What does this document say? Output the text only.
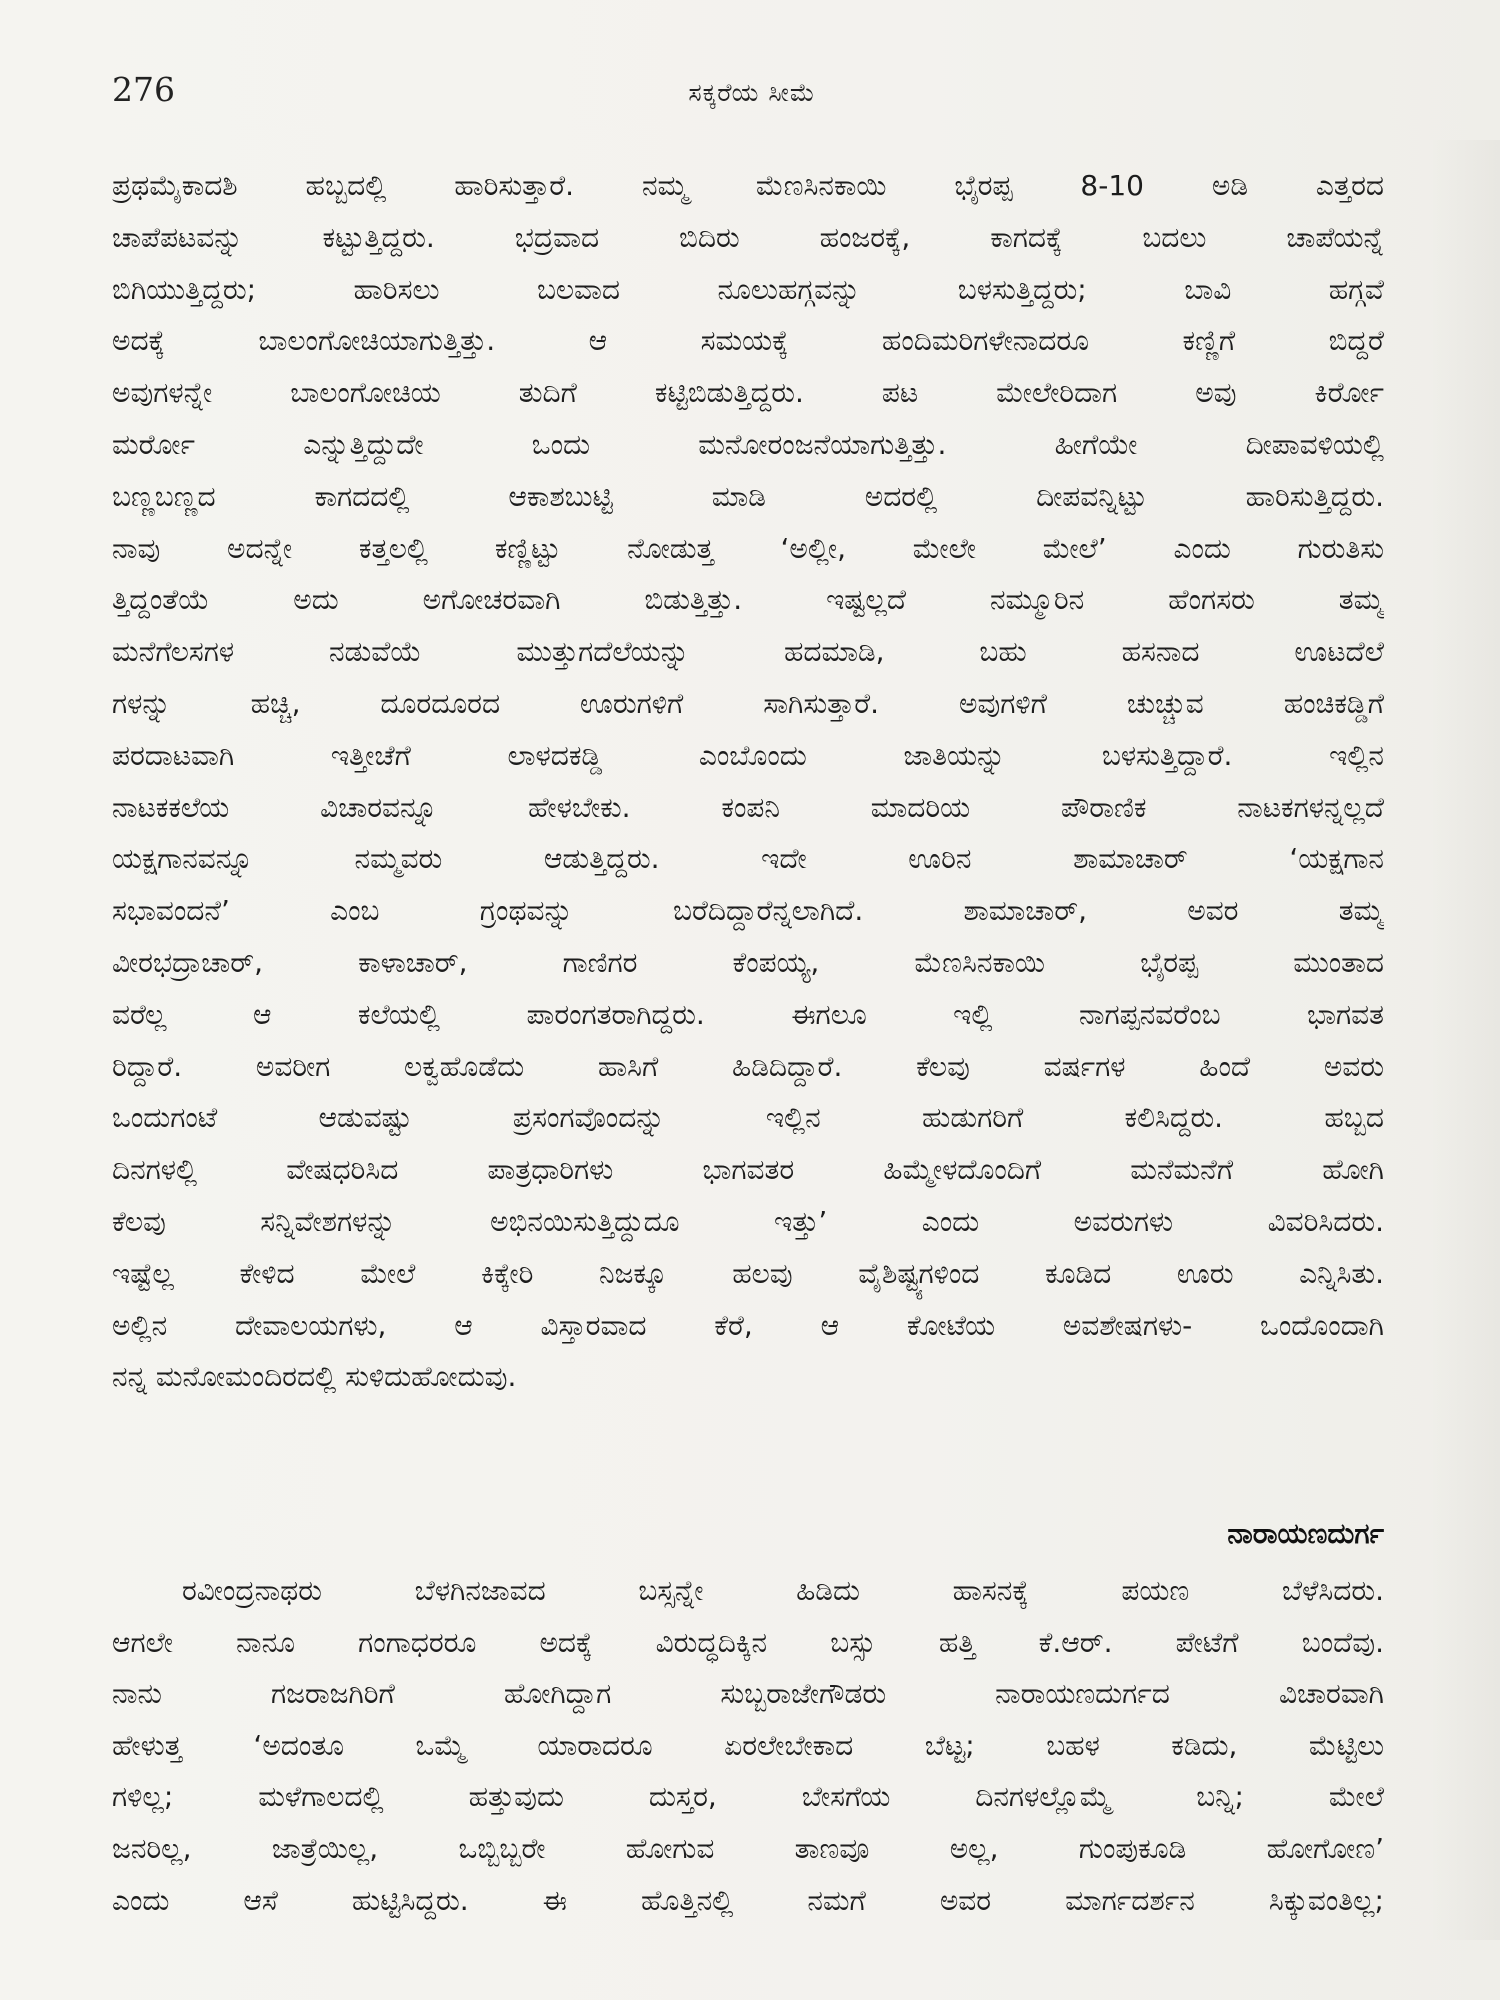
276	ಸಕ್ಕರೆಯ ಸೀಮೆ
ಪ್ರಥಮೈಕಾದಶಿ ಹಬ್ಬದಲ್ಲಿ ಹಾರಿಸುತ್ತಾರೆ. ನಮ್ಮ ಮೆಣಸಿನಕಾಯಿ ಭೈರಪ್ಪ 8-10 ಅಡಿ ಎತ್ತರದ
ಚಾಪೆಪಟವನ್ನು ಕಟ್ಟುತ್ತಿದ್ದರು. ಭದ್ರವಾದ ಬಿದಿರು ಹಂಜರಕ್ಕೆ, ಕಾಗದಕ್ಕೆ ಬದಲು ಚಾಪೆಯನ್ನೆ
ಬಿಗಿಯುತ್ತಿದ್ದರು; ಹಾರಿಸಲು ಬಲವಾದ ನೂಲುಹಗ್ಗವನ್ನು ಬಳಸುತ್ತಿದ್ದರು; ಬಾವಿ ಹಗ್ಗವೆ
ಅದಕ್ಕೆ ಬಾಲಂಗೋಚಿಯಾಗುತ್ತಿತ್ತು. ಆ ಸಮಯಕ್ಕೆ ಹಂದಿಮರಿಗಳೇನಾದರೂ ಕಣ್ಣಿಗೆ ಬಿದ್ದರೆ
ಅವುಗಳನ್ನೇ ಬಾಲಂಗೋಚಿಯ ತುದಿಗೆ ಕಟ್ಟಿಬಿಡುತ್ತಿದ್ದರು. ಪಟ ಮೇಲೇರಿದಾಗ ಅವು ಕಿರ್ರೋ
ಮರ್ರೋ ಎನ್ನುತ್ತಿದ್ದುದೇ ಒಂದು ಮನೋರಂಜನೆಯಾಗುತ್ತಿತ್ತು. ಹೀಗೆಯೇ ದೀಪಾವಳಿಯಲ್ಲಿ
ಬಣ್ಣಬಣ್ಣದ ಕಾಗದದಲ್ಲಿ ಆಕಾಶಬುಟ್ಟಿ ಮಾಡಿ ಅದರಲ್ಲಿ ದೀಪವನ್ನಿಟ್ಟು ಹಾರಿಸುತ್ತಿದ್ದರು.
ನಾವು ಅದನ್ನೇ ಕತ್ತಲಲ್ಲಿ ಕಣ್ಣಿಟ್ಟು ನೋಡುತ್ತ ‘ಅಲ್ಲೀ, ಮೇಲೇ ಮೇಲೆ’ ಎಂದು ಗುರುತಿಸು
ತ್ತಿದ್ದಂತೆಯೆ ಅದು ಅಗೋಚರವಾಗಿ ಬಿಡುತ್ತಿತ್ತು. ಇಷ್ಟಲ್ಲದೆ ನಮ್ಮೂರಿನ ಹೆಂಗಸರು ತಮ್ಮ
ಮನೆಗೆಲಸಗಳ ನಡುವೆಯೆ ಮುತ್ತುಗದೆಲೆಯನ್ನು ಹದಮಾಡಿ, ಬಹು ಹಸನಾದ ಊಟದೆಲೆ
ಗಳನ್ನು ಹಚ್ಚಿ, ದೂರದೂರದ ಊರುಗಳಿಗೆ ಸಾಗಿಸುತ್ತಾರೆ. ಅವುಗಳಿಗೆ ಚುಚ್ಚುವ ಹಂಚಿಕಡ್ಡಿಗೆ
ಪರದಾಟವಾಗಿ ಇತ್ತೀಚೆಗೆ ಲಾಳದಕಡ್ಡಿ ಎಂಬೊಂದು ಜಾತಿಯನ್ನು ಬಳಸುತ್ತಿದ್ದಾರೆ. ಇಲ್ಲಿನ
ನಾಟಕಕಲೆಯ ವಿಚಾರವನ್ನೂ ಹೇಳಬೇಕು. ಕಂಪನಿ ಮಾದರಿಯ ಪೌರಾಣಿಕ ನಾಟಕಗಳನ್ನಲ್ಲದೆ
ಯಕ್ಷಗಾನವನ್ನೂ ನಮ್ಮವರು ಆಡುತ್ತಿದ್ದರು. ಇದೇ ಊರಿನ ಶಾಮಾಚಾರ್ ‘ಯಕ್ಷಗಾನ
ಸಭಾವಂದನೆ’ ಎಂಬ ಗ್ರಂಥವನ್ನು ಬರೆದಿದ್ದಾರೆನ್ನಲಾಗಿದೆ. ಶಾಮಾಚಾರ್, ಅವರ ತಮ್ಮ
ವೀರಭದ್ರಾಚಾರ್, ಕಾಳಾಚಾರ್, ಗಾಣಿಗರ ಕೆಂಪಯ್ಯ, ಮೆಣಸಿನಕಾಯಿ ಭೈರಪ್ಪ ಮುಂತಾದ
ವರೆಲ್ಲ ಆ ಕಲೆಯಲ್ಲಿ ಪಾರಂಗತರಾಗಿದ್ದರು. ಈಗಲೂ ಇಲ್ಲಿ ನಾಗಪ್ಪನವರೆಂಬ ಭಾಗವತ
ರಿದ್ದಾರೆ. ಅವರೀಗ ಲಕ್ವಹೊಡೆದು ಹಾಸಿಗೆ ಹಿಡಿದಿದ್ದಾರೆ. ಕೆಲವು ವರ್ಷಗಳ ಹಿಂದೆ ಅವರು
ಒಂದುಗಂಟೆ ಆಡುವಷ್ಟು ಪ್ರಸಂಗವೊಂದನ್ನು ಇಲ್ಲಿನ ಹುಡುಗರಿಗೆ ಕಲಿಸಿದ್ದರು. ಹಬ್ಬದ
ದಿನಗಳಲ್ಲಿ ವೇಷಧರಿಸಿದ ಪಾತ್ರಧಾರಿಗಳು ಭಾಗವತರ ಹಿಮ್ಮೇಳದೊಂದಿಗೆ ಮನೆಮನೆಗೆ ಹೋಗಿ
ಕೆಲವು ಸನ್ನಿವೇಶಗಳನ್ನು ಅಭಿನಯಿಸುತ್ತಿದ್ದುದೂ ಇತ್ತು’ ಎಂದು ಅವರುಗಳು ವಿವರಿಸಿದರು.
ಇಷ್ಟೆಲ್ಲ ಕೇಳಿದ ಮೇಲೆ ಕಿಕ್ಕೇರಿ ನಿಜಕ್ಕೂ ಹಲವು ವೈಶಿಷ್ಟ್ಯಗಳಿಂದ ಕೂಡಿದ ಊರು ಎನ್ನಿಸಿತು.
ಅಲ್ಲಿನ ದೇವಾಲಯಗಳು, ಆ ವಿಸ್ತಾರವಾದ ಕೆರೆ, ಆ ಕೋಟೆಯ ಅವಶೇಷಗಳು- ಒಂದೊಂದಾಗಿ
ನನ್ನ ಮನೋಮಂದಿರದಲ್ಲಿ ಸುಳಿದುಹೋದುವು.
ನಾರಾಯಣದುರ್ಗ
ರವೀಂದ್ರನಾಥರು ಬೆಳಗಿನಜಾವದ ಬಸ್ಸನ್ನೇ ಹಿಡಿದು ಹಾಸನಕ್ಕೆ ಪಯಣ ಬೆಳೆಸಿದರು.
ಆಗಲೇ ನಾನೂ ಗಂಗಾಧರರೂ ಅದಕ್ಕೆ ವಿರುದ್ಧದಿಕ್ಕಿನ ಬಸ್ಸು ಹತ್ತಿ ಕೆ.ಆರ್. ಪೇಟೆಗೆ ಬಂದೆವು.
ನಾನು ಗಜರಾಜಗಿರಿಗೆ ಹೋಗಿದ್ದಾಗ ಸುಬ್ಬರಾಜೇಗೌಡರು ನಾರಾಯಣದುರ್ಗದ ವಿಚಾರವಾಗಿ
ಹೇಳುತ್ತ ‘ಅದಂತೂ ಒಮ್ಮೆ ಯಾರಾದರೂ ಏರಲೇಬೇಕಾದ ಬೆಟ್ಟ; ಬಹಳ ಕಡಿದು, ಮೆಟ್ಟಿಲು
ಗಳಿಲ್ಲ; ಮಳೆಗಾಲದಲ್ಲಿ ಹತ್ತುವುದು ದುಸ್ತರ, ಬೇಸಗೆಯ ದಿನಗಳಲ್ಲೊಮ್ಮೆ ಬನ್ನಿ; ಮೇಲೆ
ಜನರಿಲ್ಲ, ಜಾತ್ರೆಯಿಲ್ಲ, ಒಬ್ಬಿಬ್ಬರೇ ಹೋಗುವ ತಾಣವೂ ಅಲ್ಲ, ಗುಂಪುಕೂಡಿ ಹೋಗೋಣ’
ಎಂದು ಆಸೆ ಹುಟ್ಟಿಸಿದ್ದರು. ಈ ಹೊತ್ತಿನಲ್ಲಿ ನಮಗೆ ಅವರ ಮಾರ್ಗದರ್ಶನ ಸಿಕ್ಕುವಂತಿಲ್ಲ;
